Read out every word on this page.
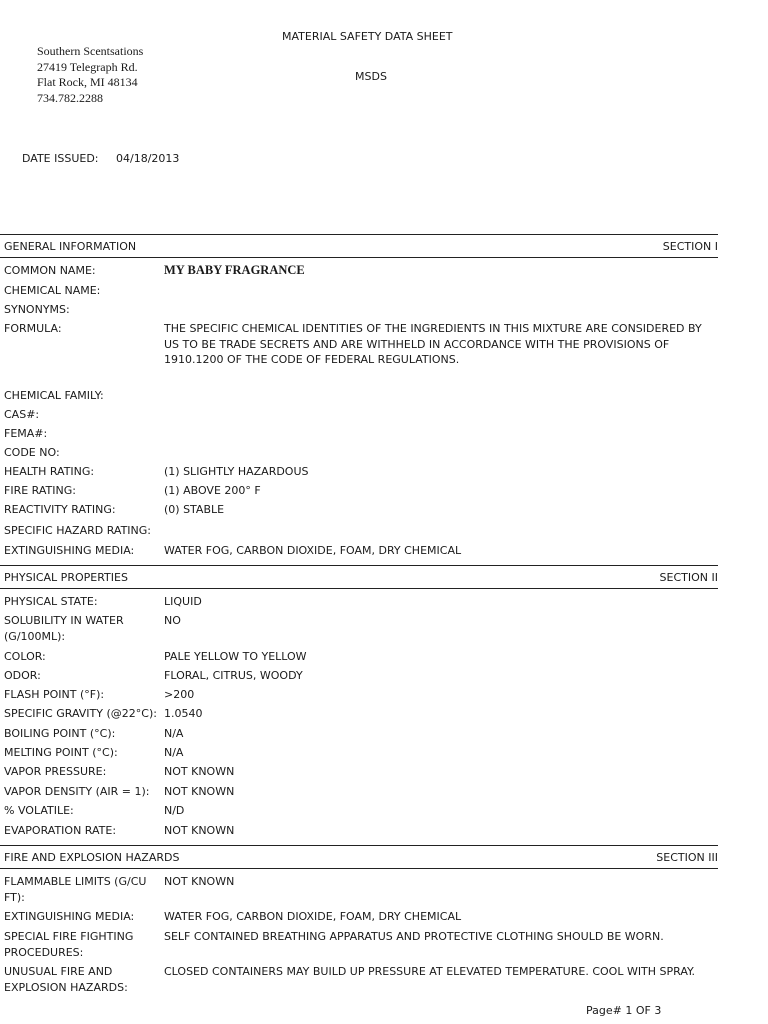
Southern Scentsations
27419 Telegraph Rd.
Flat Rock, MI 48134
734.782.2288
MATERIAL SAFETY DATA SHEET
MSDS
DATE ISSUED: 04/18/2013
GENERAL INFORMATION	SECTION I
COMMON NAME:	MY BABY FRAGRANCE
CHEMICAL NAME:
SYNONYMS:
FORMULA:	THE SPECIFIC CHEMICAL IDENTITIES OF THE INGREDIENTS IN THIS MIXTURE ARE CONSIDERED BY US TO BE TRADE SECRETS AND ARE WITHHELD IN ACCORDANCE WITH THE PROVISIONS OF 1910.1200 OF THE CODE OF FEDERAL REGULATIONS.
CHEMICAL FAMILY:
CAS#:
FEMA#:
CODE NO:
HEALTH RATING:	(1) SLIGHTLY HAZARDOUS
FIRE RATING:	(1) ABOVE 200° F
REACTIVITY RATING:	(0) STABLE
SPECIFIC HAZARD RATING:
EXTINGUISHING MEDIA:	WATER FOG, CARBON DIOXIDE, FOAM, DRY CHEMICAL
PHYSICAL PROPERTIES	SECTION II
PHYSICAL STATE:	LIQUID
SOLUBILITY IN WATER (G/100ML):
NO
COLOR:	PALE YELLOW TO YELLOW
ODOR:	FLORAL, CITRUS, WOODY
FLASH POINT (°F):	>200
SPECIFIC GRAVITY (@22°C): 1.0540
BOILING POINT (°C):	N/A
MELTING POINT (°C):	N/A
VAPOR PRESSURE:	NOT KNOWN
VAPOR DENSITY (AIR = 1):	NOT KNOWN
% VOLATILE:	N/D
EVAPORATION RATE:	NOT KNOWN
FIRE AND EXPLOSION HAZARDS	SECTION III
FLAMMABLE LIMITS (G/CU FT):
NOT KNOWN
EXTINGUISHING MEDIA:	WATER FOG, CARBON DIOXIDE, FOAM, DRY CHEMICAL
SPECIAL FIRE FIGHTING PROCEDURES:
SELF CONTAINED BREATHING APPARATUS AND PROTECTIVE CLOTHING SHOULD BE WORN.
UNUSUAL FIRE AND EXPLOSION HAZARDS:
CLOSED CONTAINERS MAY BUILD UP PRESSURE AT ELEVATED TEMPERATURE. COOL WITH SPRAY.
Page# 1 OF 3
